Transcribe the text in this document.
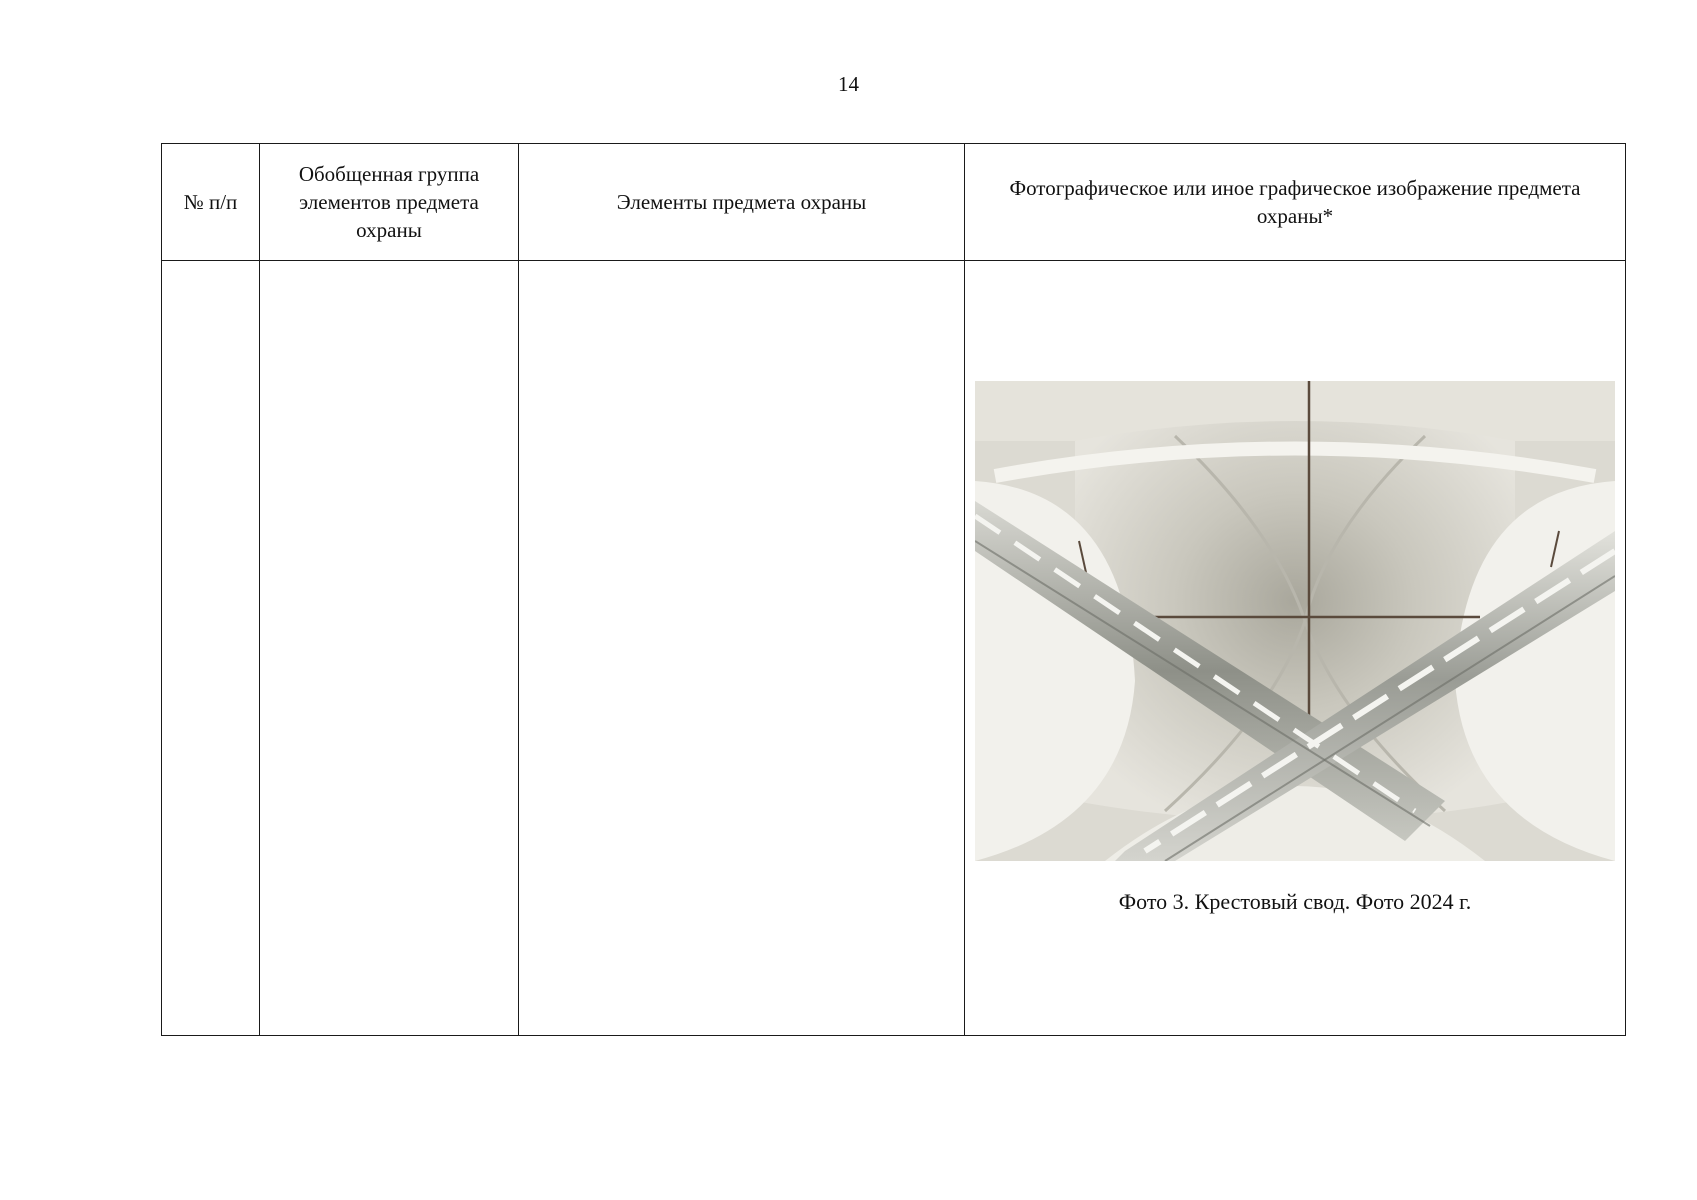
14
№ п/п	Обобщенная группа элементов предмета охраны	Элементы предмета охраны	Фотографическое или иное графическое изображение предмета охраны*

			Фото 3. Крестовый свод. Фото 2024 г.
